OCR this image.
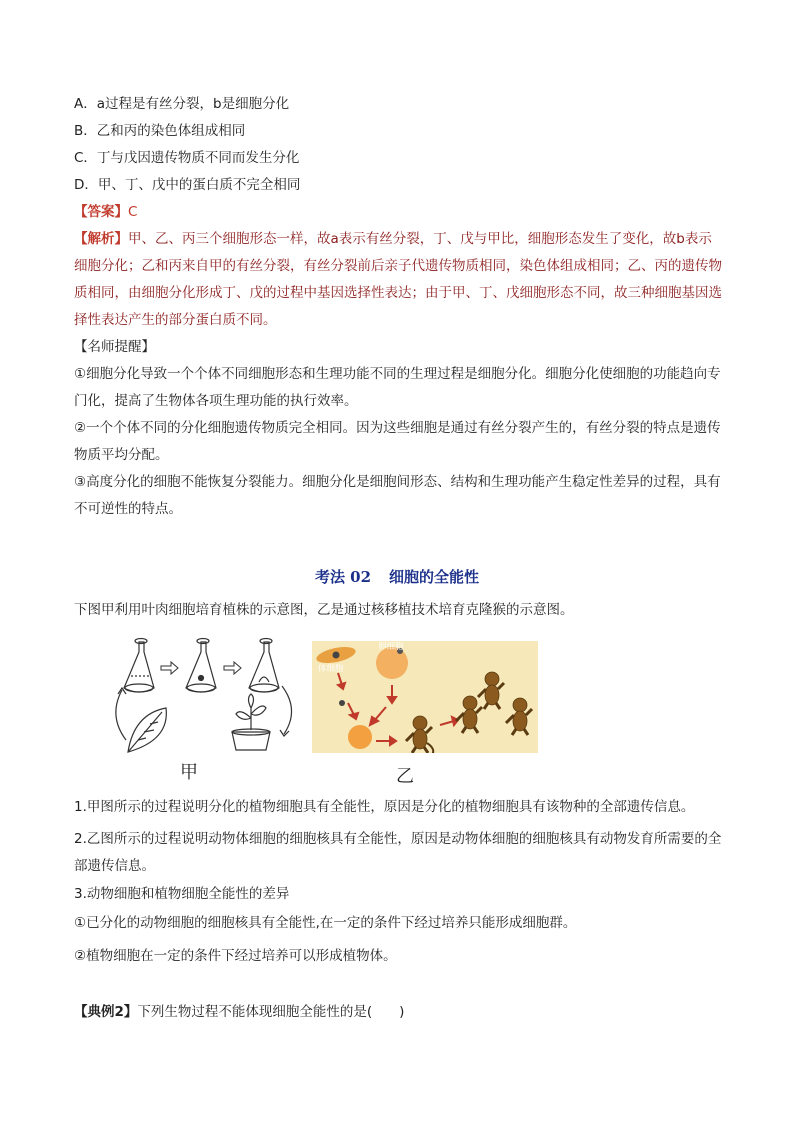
A．a过程是有丝分裂，b是细胞分化
B．乙和丙的染色体组成相同
C．丁与戊因遗传物质不同而发生分化
D．甲、丁、戊中的蛋白质不完全相同
【答案】C
【解析】甲、乙、丙三个细胞形态一样，故a表示有丝分裂，丁、戊与甲比，细胞形态发生了变化，故b表示细胞分化；乙和丙来自甲的有丝分裂，有丝分裂前后亲子代遗传物质相同，染色体组成相同；乙、丙的遗传物质相同，由细胞分化形成丁、戊的过程中基因选择性表达；由于甲、丁、戊细胞形态不同，故三种细胞基因选择性表达产生的部分蛋白质不同。
【名师提醒】
①细胞分化导致一个个体不同细胞形态和生理功能不同的生理过程是细胞分化。细胞分化使细胞的功能趋向专门化，提高了生物体各项生理功能的执行效率。
②一个个体不同的分化细胞遗传物质完全相同。因为这些细胞是通过有丝分裂产生的，有丝分裂的特点是遗传物质平均分配。
③高度分化的细胞不能恢复分裂能力。细胞分化是细胞间形态、结构和生理功能产生稳定性差异的过程，具有不可逆性的特点。
考法 02 细胞的全能性
下图甲利用叶肉细胞培育植株的示意图，乙是通过核移植技术培育克隆猴的示意图。
甲
体细胞
卵细胞
乙
1.甲图所示的过程说明分化的植物细胞具有全能性，原因是分化的植物细胞具有该物种的全部遗传信息。
2.乙图所示的过程说明动物体细胞的细胞核具有全能性，原因是动物体细胞的细胞核具有动物发育所需要的全部遗传信息。
3.动物细胞和植物细胞全能性的差异
①已分化的动物细胞的细胞核具有全能性,在一定的条件下经过培养只能形成细胞群。
②植物细胞在一定的条件下经过培养可以形成植物体。
【典例2】下列生物过程不能体现细胞全能性的是(　　)
